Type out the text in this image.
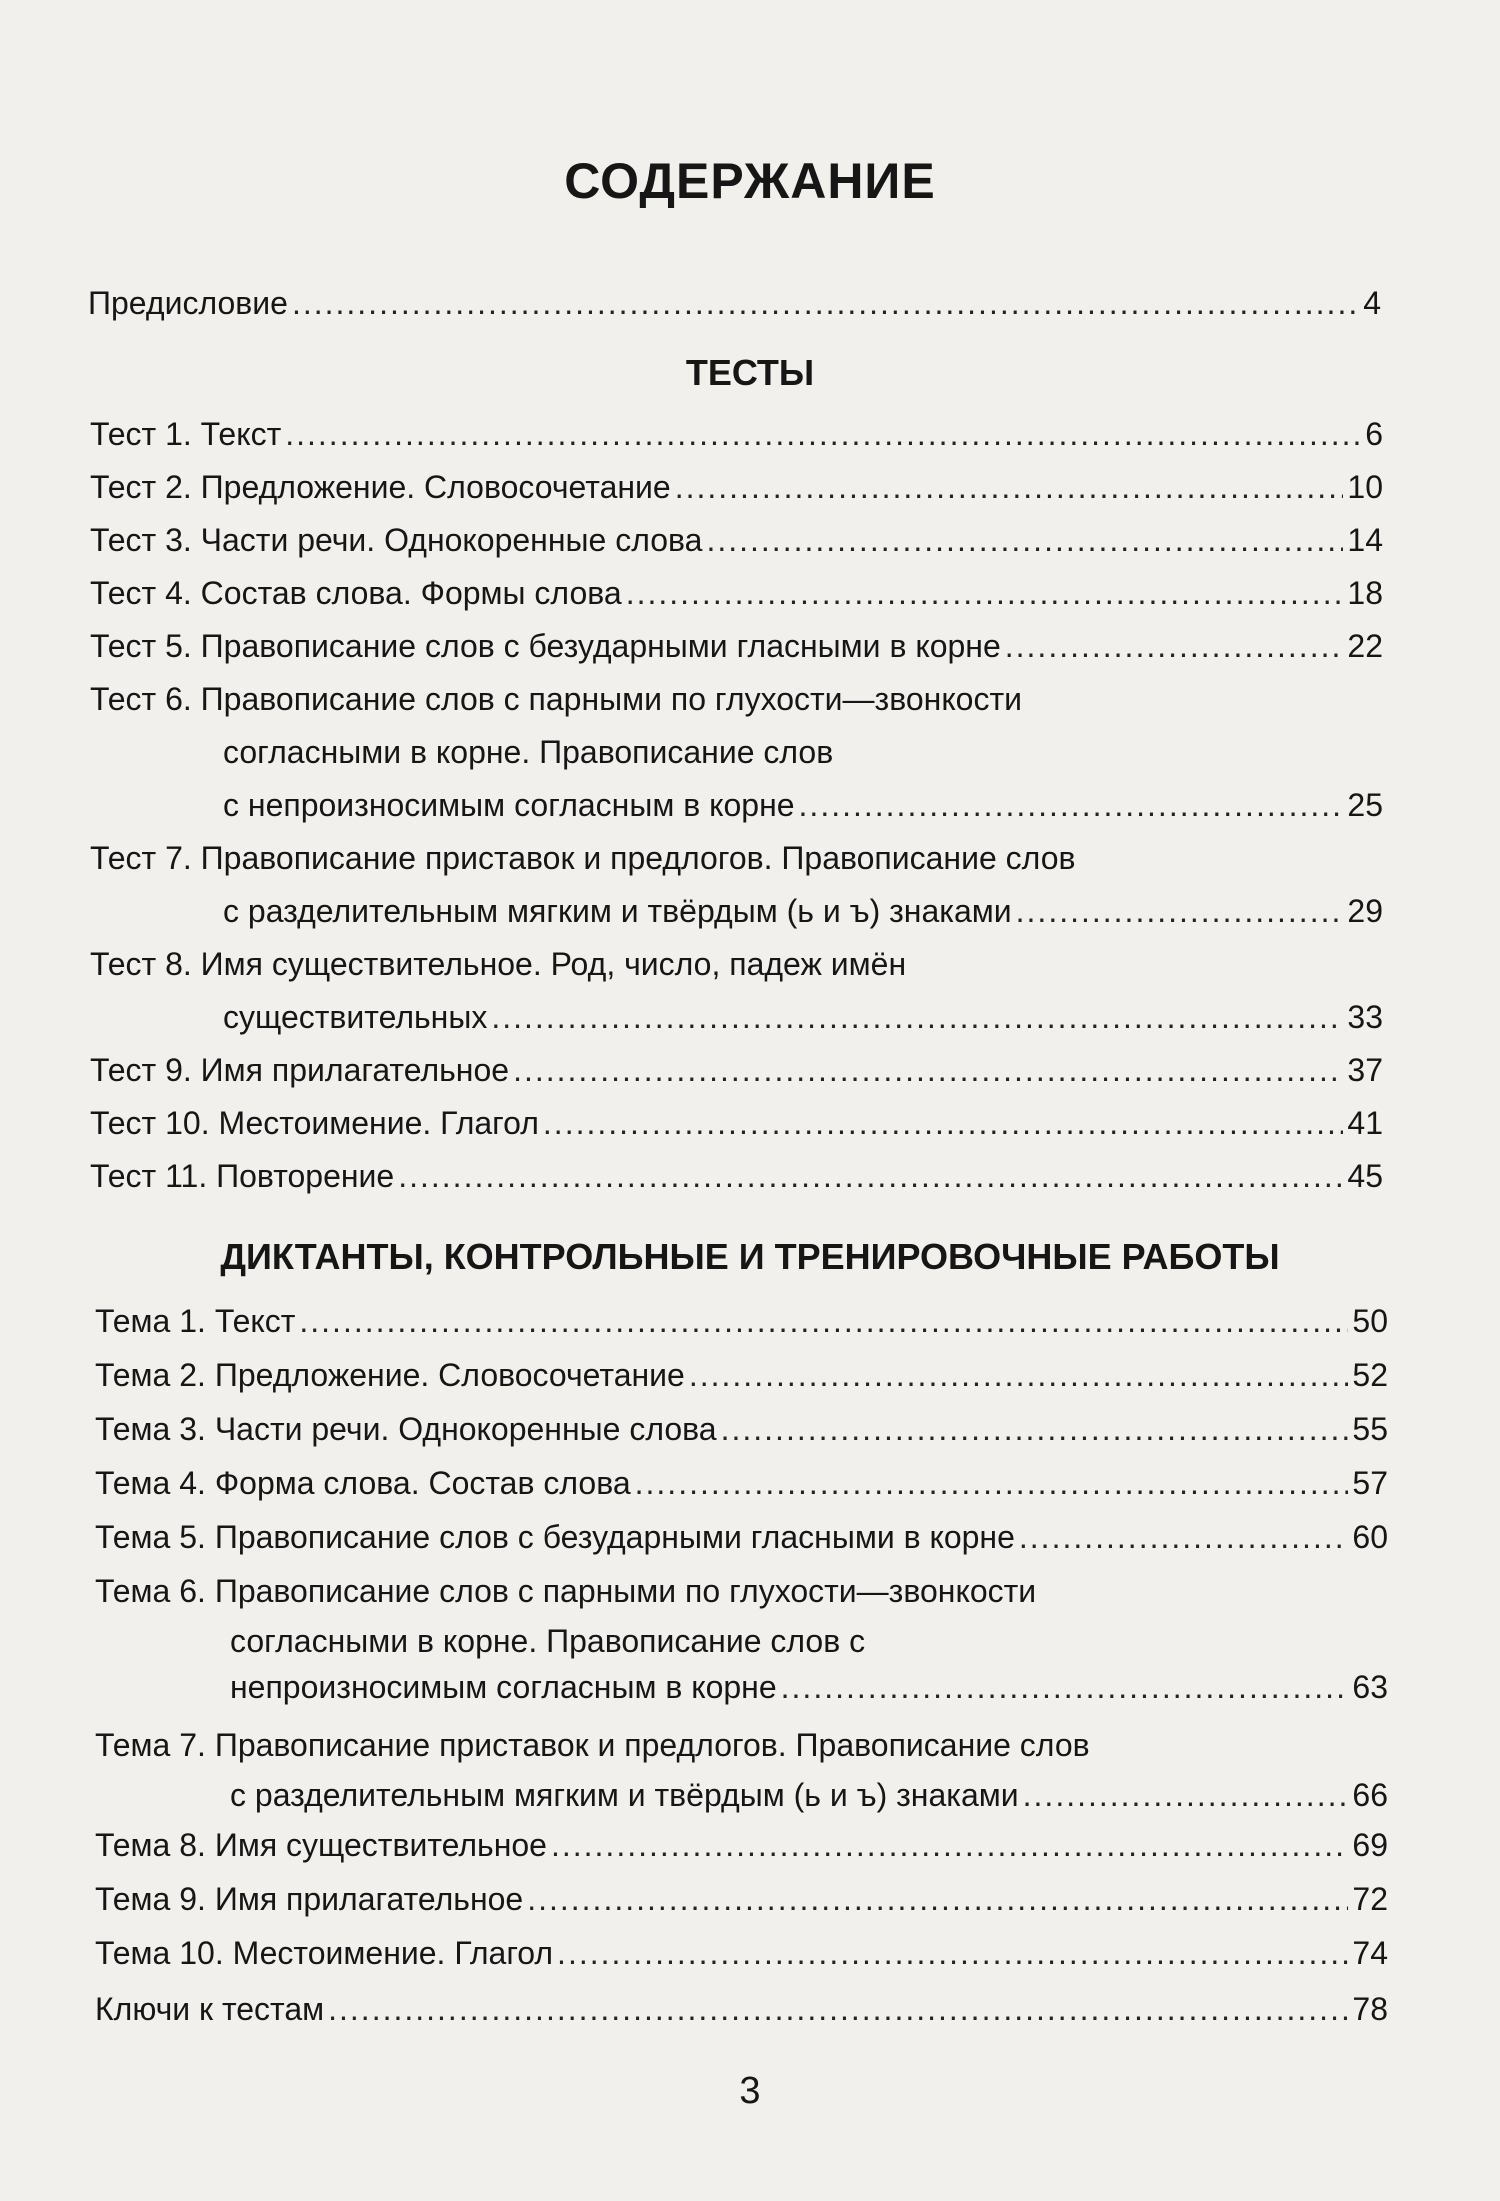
СОДЕРЖАНИЕ
Предисловие .....	4
ТЕСТЫ
Тест 1. Текст .....	6
Тест 2. Предложение. Словосочетание .....	10
Тест 3. Части речи. Однокоренные слова .....	14
Тест 4. Состав слова. Формы слова .....	18
Тест 5. Правописание слов с безударными гласными в корне .....	22
Тест 6. Правописание слов с парными по глухости—звонкости
согласными в корне. Правописание слов
с непроизносимым согласным в корне .....	25
Тест 7. Правописание приставок и предлогов. Правописание слов
с разделительным мягким и твёрдым (ь и ъ) знаками .....	29
Тест 8. Имя существительное. Род, число, падеж имён
существительных .....	33
Тест 9. Имя прилагательное .....	37
Тест 10. Местоимение. Глагол .....	41
Тест 11. Повторение .....	45
ДИКТАНТЫ, КОНТРОЛЬНЫЕ И ТРЕНИРОВОЧНЫЕ РАБОТЫ
Тема 1. Текст .....	50
Тема 2. Предложение. Словосочетание .....	52
Тема 3. Части речи. Однокоренные слова .....	55
Тема 4. Форма слова. Состав слова .....	57
Тема 5. Правописание слов с безударными гласными в корне .....	60
Тема 6. Правописание слов с парными по глухости—звонкости
согласными в корне. Правописание слов с
непроизносимым согласным в корне .....	63
Тема 7. Правописание приставок и предлогов. Правописание слов
с разделительным мягким и твёрдым (ь и ъ) знаками .....	66
Тема 8. Имя существительное .....	69
Тема 9. Имя прилагательное .....	72
Тема 10. Местоимение. Глагол .....	74
Ключи к тестам .....	78
3
